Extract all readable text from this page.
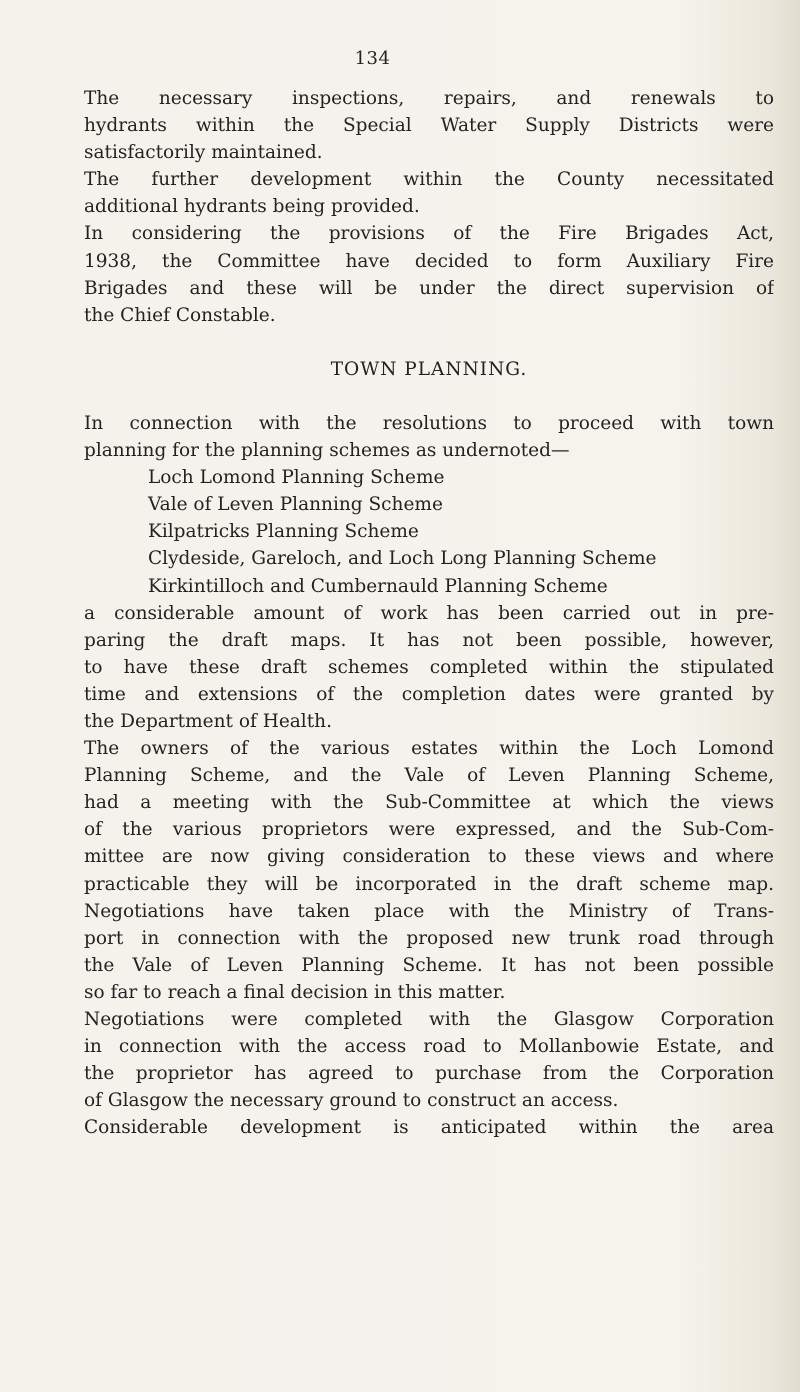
134
The necessary inspections, repairs, and renewals to
hydrants within the Special Water Supply Districts were
satisfactorily maintained.
The further development within the County necessitated
additional hydrants being provided.
In considering the provisions of the Fire Brigades Act,
1938, the Committee have decided to form Auxiliary Fire
Brigades and these will be under the direct supervision of
the Chief Constable.
TOWN PLANNING.
In connection with the resolutions to proceed with town
planning for the planning schemes as undernoted—
Loch Lomond Planning Scheme
Vale of Leven Planning Scheme
Kilpatricks Planning Scheme
Clydeside, Gareloch, and Loch Long Planning Scheme
Kirkintilloch and Cumbernauld Planning Scheme
a considerable amount of work has been carried out in pre-
paring the draft maps. It has not been possible, however,
to have these draft schemes completed within the stipulated
time and extensions of the completion dates were granted by
the Department of Health.
The owners of the various estates within the Loch Lomond
Planning Scheme, and the Vale of Leven Planning Scheme,
had a meeting with the Sub-Committee at which the views
of the various proprietors were expressed, and the Sub-Com-
mittee are now giving consideration to these views and where
practicable they will be incorporated in the draft scheme map.
Negotiations have taken place with the Ministry of Trans-
port in connection with the proposed new trunk road through
the Vale of Leven Planning Scheme. It has not been possible
so far to reach a final decision in this matter.
Negotiations were completed with the Glasgow Corporation
in connection with the access road to Mollanbowie Estate, and
the proprietor has agreed to purchase from the Corporation
of Glasgow the necessary ground to construct an access.
Considerable development is anticipated within the area
